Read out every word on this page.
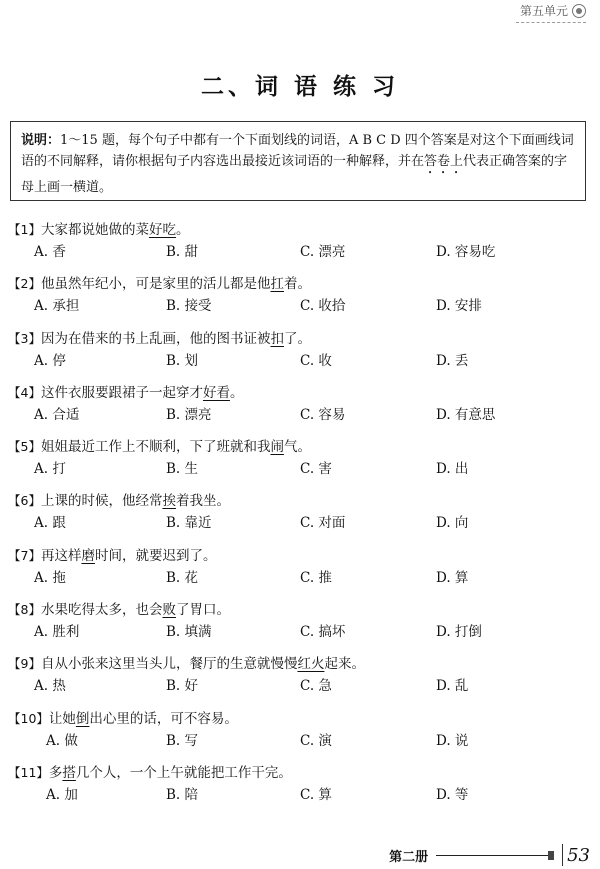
第五单元
二、词 语 练 习
说明：1～15 题，每个句子中都有一个下面划线的词语，A B C D 四个答案是对这个下面画线词语的不同解释，请你根据句子内容选出最接近该词语的一种解释，并在答卷上代表正确答案的字母上画一横道。
【1】大家都说她做的菜好吃。
A. 香	B. 甜	C. 漂亮	D. 容易吃
【2】他虽然年纪小，可是家里的活儿都是他扛着。
A. 承担	B. 接受	C. 收拾	D. 安排
【3】因为在借来的书上乱画，他的图书证被扣了。
A. 停	B. 划	C. 收	D. 丢
【4】这件衣服要跟裙子一起穿才好看。
A. 合适	B. 漂亮	C. 容易	D. 有意思
【5】姐姐最近工作上不顺利，下了班就和我闹气。
A. 打	B. 生	C. 害	D. 出
【6】上课的时候，他经常挨着我坐。
A. 跟	B. 靠近	C. 对面	D. 向
【7】再这样磨时间，就要迟到了。
A. 拖	B. 花	C. 推	D. 算
【8】水果吃得太多，也会败了胃口。
A. 胜利	B. 填满	C. 搞坏	D. 打倒
【9】自从小张来这里当头儿，餐厅的生意就慢慢红火起来。
A. 热	B. 好	C. 急	D. 乱
【10】让她倒出心里的话，可不容易。
A. 做	B. 写	C. 演	D. 说
【11】多搭几个人，一个上午就能把工作干完。
A. 加	B. 陪	C. 算	D. 等
第二册	53
